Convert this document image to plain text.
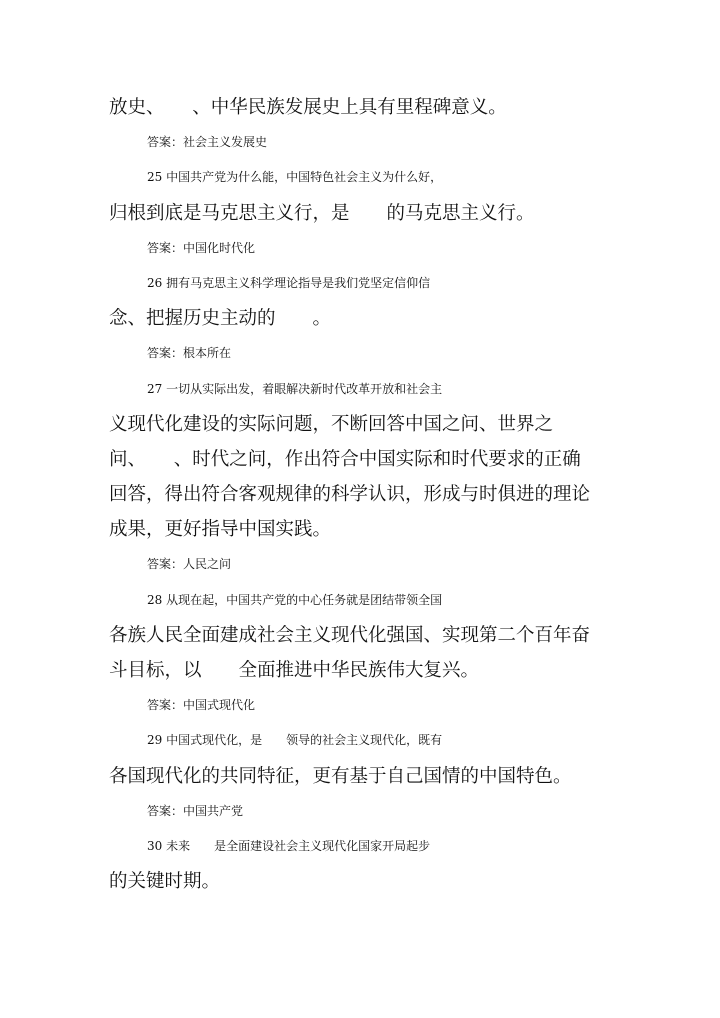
放史、　　、中华民族发展史上具有里程碑意义。
答案：社会主义发展史
25 中国共产党为什么能，中国特色社会主义为什么好，
归根到底是马克思主义行，是　　的马克思主义行。
答案：中国化时代化
26 拥有马克思主义科学理论指导是我们党坚定信仰信
念、把握历史主动的　　。
答案：根本所在
27 一切从实际出发，着眼解决新时代改革开放和社会主
义现代化建设的实际问题，不断回答中国之问、世界之
问、　　、时代之问，作出符合中国实际和时代要求的正确
回答，得出符合客观规律的科学认识，形成与时俱进的理论
成果，更好指导中国实践。
答案：人民之问
28 从现在起，中国共产党的中心任务就是团结带领全国
各族人民全面建成社会主义现代化强国、实现第二个百年奋
斗目标，以　　全面推进中华民族伟大复兴。
答案：中国式现代化
29 中国式现代化，是　　领导的社会主义现代化，既有
各国现代化的共同特征，更有基于自己国情的中国特色。
答案：中国共产党
30 未来　　是全面建设社会主义现代化国家开局起步
的关键时期。
